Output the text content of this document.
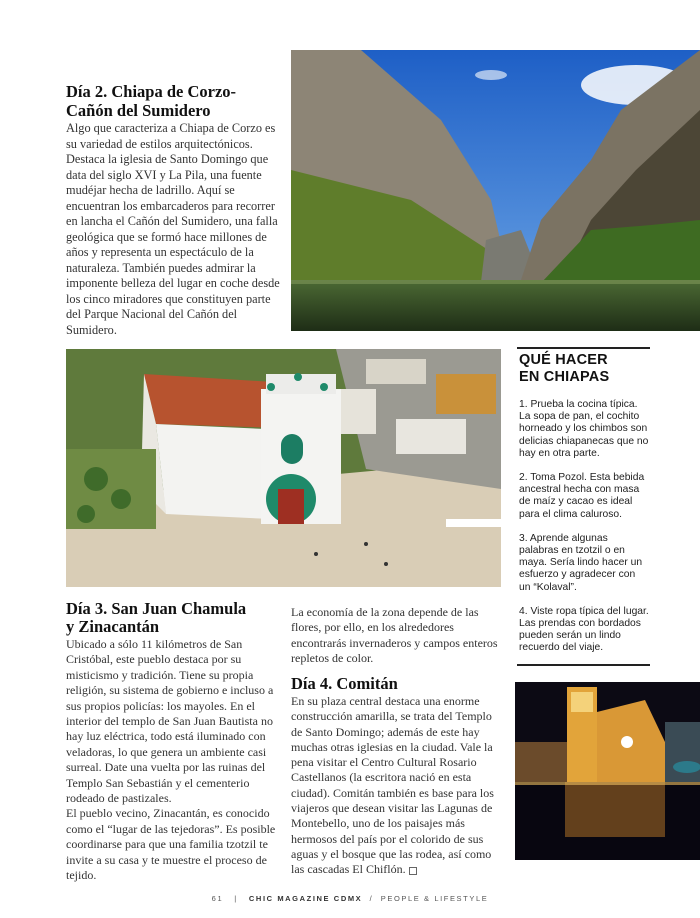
Día 2. Chiapa de Corzo-
Cañón del Sumidero

Algo que caracteriza a Chiapa de Corzo es su variedad de estilos arquitectónicos. Destaca la iglesia de Santo Domingo que data del siglo XVI y La Pila, una fuente mudéjar hecha de ladrillo. Aquí se encuentran los embarcaderos para recorrer en lancha el Cañón del Sumidero, una falla geológica que se formó hace millones de años y representa un espectáculo de la naturaleza. También puedes admirar la imponente belleza del lugar en coche desde los cinco miradores que constituyen parte del Parque Nacional del Cañón del Sumidero.

QUÉ HACER
EN CHIAPAS
1. Prueba la cocina típica. La sopa de pan, el cochito horneado y los chimbos son delicias chiapanecas que no hay en otra parte.
2. Toma Pozol. Esta bebida ancestral hecha con masa de maíz y cacao es ideal para el clima caluroso.
3. Aprende algunas palabras en tzotzil o en maya. Sería lindo hacer un esfuerzo y agradecer con un “Kolaval”.
4. Viste ropa típica del lugar. Las prendas con bordados pueden serán un lindo recuerdo del viaje.
Día 3. San Juan Chamula
y Zinacantán

Ubicado a sólo 11 kilómetros de San Cristóbal, este pueblo destaca por su misticismo y tradición. Tiene su propia religión, su sistema de gobierno e incluso a sus propios policías: los mayoles. En el interior del templo de San Juan Bautista no hay luz eléctrica, todo está iluminado con veladoras, lo que genera un ambiente casi surreal. Date una vuelta por las ruinas del Templo San Sebastián y el cementerio rodeado de pastizales.

El pueblo vecino, Zinacantán, es conocido como el “lugar de las tejedoras”. Es posible coordinarse para que una familia tzotzil te invite a su casa y te muestre el proceso de tejido.

La economía de la zona depende de las flores, por ello, en los alrededores encontrarás invernaderos y campos enteros repletos de color.

Día 4. Comitán

En su plaza central destaca una enorme construcción amarilla, se trata del Templo de Santo Domingo; además de este hay muchas otras iglesias en la ciudad. Vale la pena visitar el Centro Cultural Rosario Castellanos (la escritora nació en esta ciudad). Comitán también es base para los viajeros que desean visitar las Lagunas de Montebello, uno de los paisajes más hermosos del país por el colorido de sus aguas y el bosque que las rodea, así como las cascadas El Chiflón.

61 | CHIC MAGAZINE CDMX / PEOPLE & LIFESTYLE
